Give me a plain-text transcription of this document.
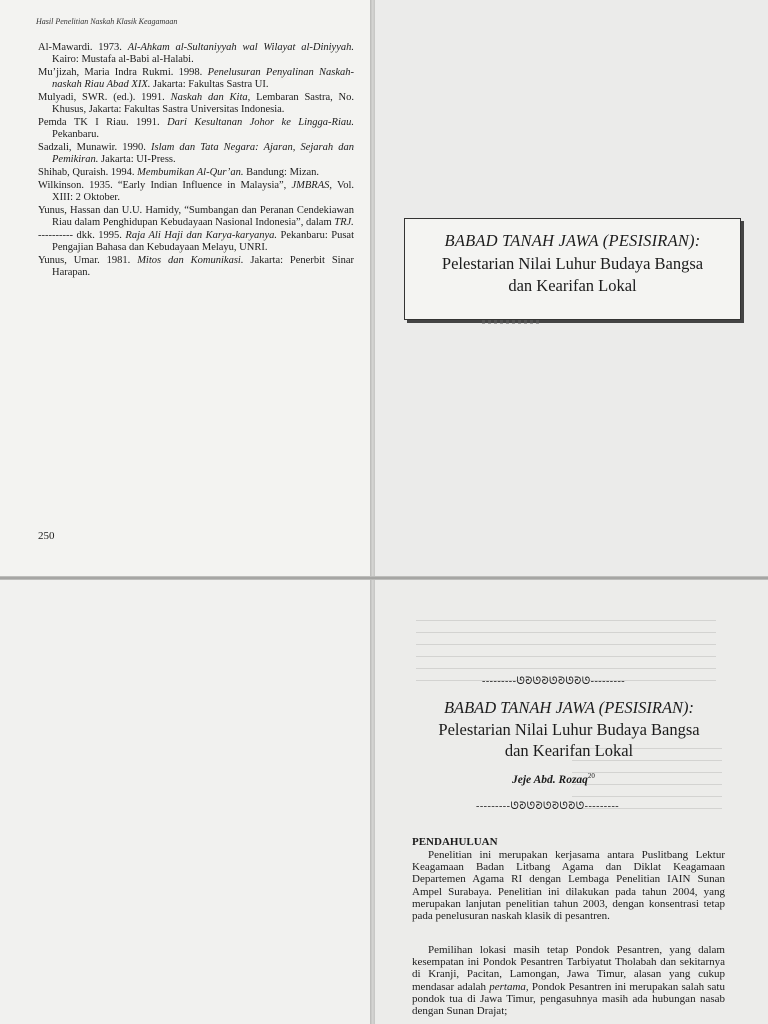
Hasil Penelitian Naskah Klasik Keagamaan
Al-Mawardi. 1973. Al-Ahkam al-Sultaniyyah wal Wilayat al-Diniyyah. Kairo: Mustafa al-Babi al-Halabi.
Mu’jizah, Maria Indra Rukmi. 1998. Penelusuran Penyalinan Naskah-naskah Riau Abad XIX. Jakarta: Fakultas Sastra UI.
Mulyadi, SWR. (ed.). 1991. Naskah dan Kita, Lembaran Sastra, No. Khusus, Jakarta: Fakultas Sastra Universitas Indonesia.
Pemda TK I Riau. 1991. Dari Kesultanan Johor ke Lingga-Riau. Pekanbaru.
Sadzali, Munawir. 1990. Islam dan Tata Negara: Ajaran, Sejarah dan Pemikiran. Jakarta: UI-Press.
Shihab, Quraish. 1994. Membumikan Al-Qur’an. Bandung: Mizan.
Wilkinson. 1935. “Early Indian Influence in Malaysia”, JMBRAS, Vol. XIII: 2 Oktober.
Yunus, Hassan dan U.U. Hamidy, “Sumbangan dan Peranan Cendekiawan Riau dalam Penghidupan Kebudayaan Nasional Indonesia”, dalam TRJ.
---------- dkk. 1995. Raja Ali Haji dan Karya-karyanya. Pekanbaru: Pusat Pengajian Bahasa dan Kebudayaan Melayu, UNRI.
Yunus, Umar. 1981. Mitos dan Komunikasi. Jakarta: Penerbit Sinar Harapan.
250
BABAD TANAH JAWA (PESISIRAN):
Pelestarian Nilai Luhur Budaya Bangsa
dan Kearifan Lokal
---------ᘎᘑᘎᘑᘎᘑᘎᘑᘎ---------
BABAD TANAH JAWA (PESISIRAN):
Pelestarian Nilai Luhur Budaya Bangsa
dan Kearifan Lokal
Jeje Abd. Rozaq$^{20}$
---------ᘎᘑᘎᘑᘎᘑᘎᘑᘎ---------
PENDAHULUAN
Penelitian ini merupakan kerjasama antara Puslitbang Lektur Keagamaan Badan Litbang Agama dan Diklat Keagamaan Departemen Agama RI dengan Lembaga Penelitian IAIN Sunan Ampel Surabaya. Penelitian ini dilakukan pada tahun 2004, yang merupakan lanjutan penelitian tahun 2003, dengan konsentrasi tetap pada penelusuran naskah klasik di pesantren.
Pemilihan lokasi masih tetap Pondok Pesantren, yang dalam kesempatan ini Pondok Pesantren Tarbiyatut Tholabah dan sekitarnya di Kranji, Pacitan, Lamongan, Jawa Timur, alasan yang cukup mendasar adalah pertama, Pondok Pesantren ini merupakan salah satu pondok tua di Jawa Timur, pengasuhnya masih ada hubungan nasab dengan Sunan Drajat;
